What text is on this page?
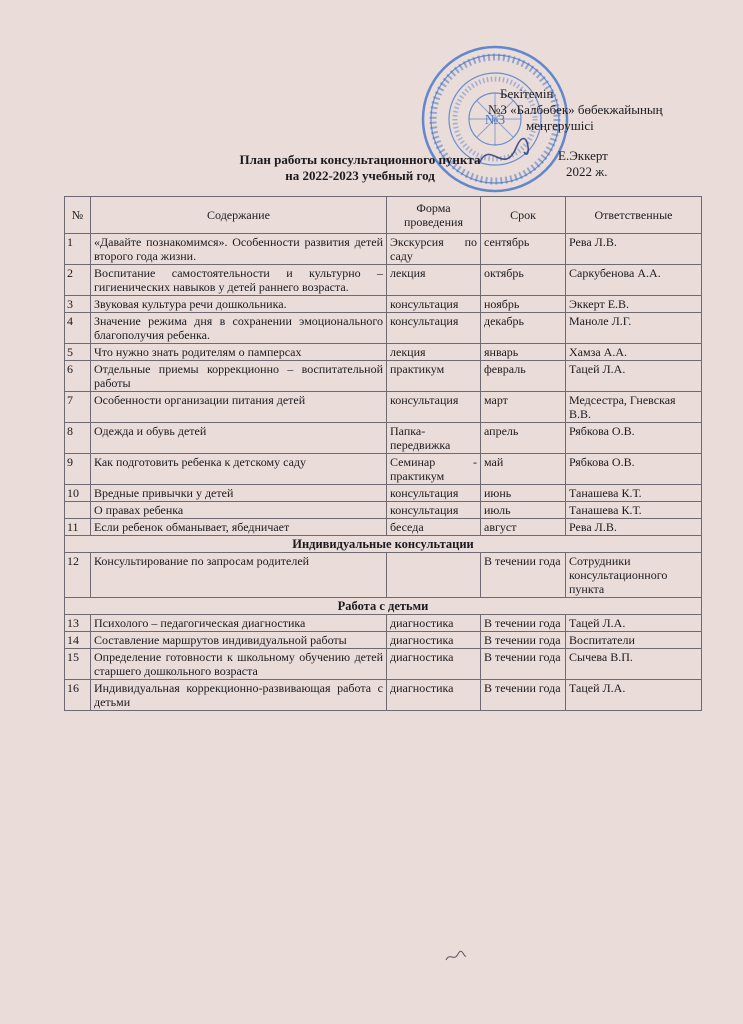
№3
Бекітемін
№3 «Балбөбек» бөбекжайының
меңгерушісі
Е.Эккерт
2022 ж.
План работы консультационного пункта
на 2022-2023 учебный год
№	Содержание	Форма проведения	Срок	Ответственные
1	«Давайте познакомимся». Особенности развития детей второго года жизни.	Экскурсия по саду	сентябрь	Рева Л.В.
2	Воспитание самостоятельности и культурно – гигиенических навыков у детей раннего возраста.	лекция	октябрь	Саркубенова А.А.
3	Звуковая культура речи дошкольника.	консультация	ноябрь	Эккерт Е.В.
4	Значение режима дня в сохранении эмоционального благополучия ребенка.	консультация	декабрь	Маноле Л.Г.
5	Что нужно знать родителям о памперсах	лекция	январь	Хамза А.А.
6	Отдельные приемы коррекционно – воспитательной работы	практикум	февраль	Тацей Л.А.
7	Особенности организации питания детей	консультация	март	Медсестра, Гневская В.В.
8	Одежда и обувь детей	Папка-передвижка	апрель	Рябкова О.В.
9	Как подготовить ребенка к детскому саду	Семинар - практикум	май	Рябкова О.В.
10	Вредные привычки у детей	консультация	июнь	Танашева К.Т.
	О правах ребенка	консультация	июль	Танашева К.Т.
11	Если ребенок обманывает, ябедничает	беседа	август	Рева Л.В.
Индивидуальные консультации				
12	Консультирование по запросам родителей		В течении года	Сотрудники консультационного пункта
Работа с детьми				
13	Психолого – педагогическая диагностика	диагностика	В течении года	Тацей Л.А.
14	Составление маршрутов индивидуальной работы	диагностика	В течении года	Воспитатели
15	Определение готовности к школьному обучению детей старшего дошкольного возраста	диагностика	В течении года	Сычева В.П.
16	Индивидуальная коррекционно-развивающая работа с детьми	диагностика	В течении года	Тацей Л.А.
